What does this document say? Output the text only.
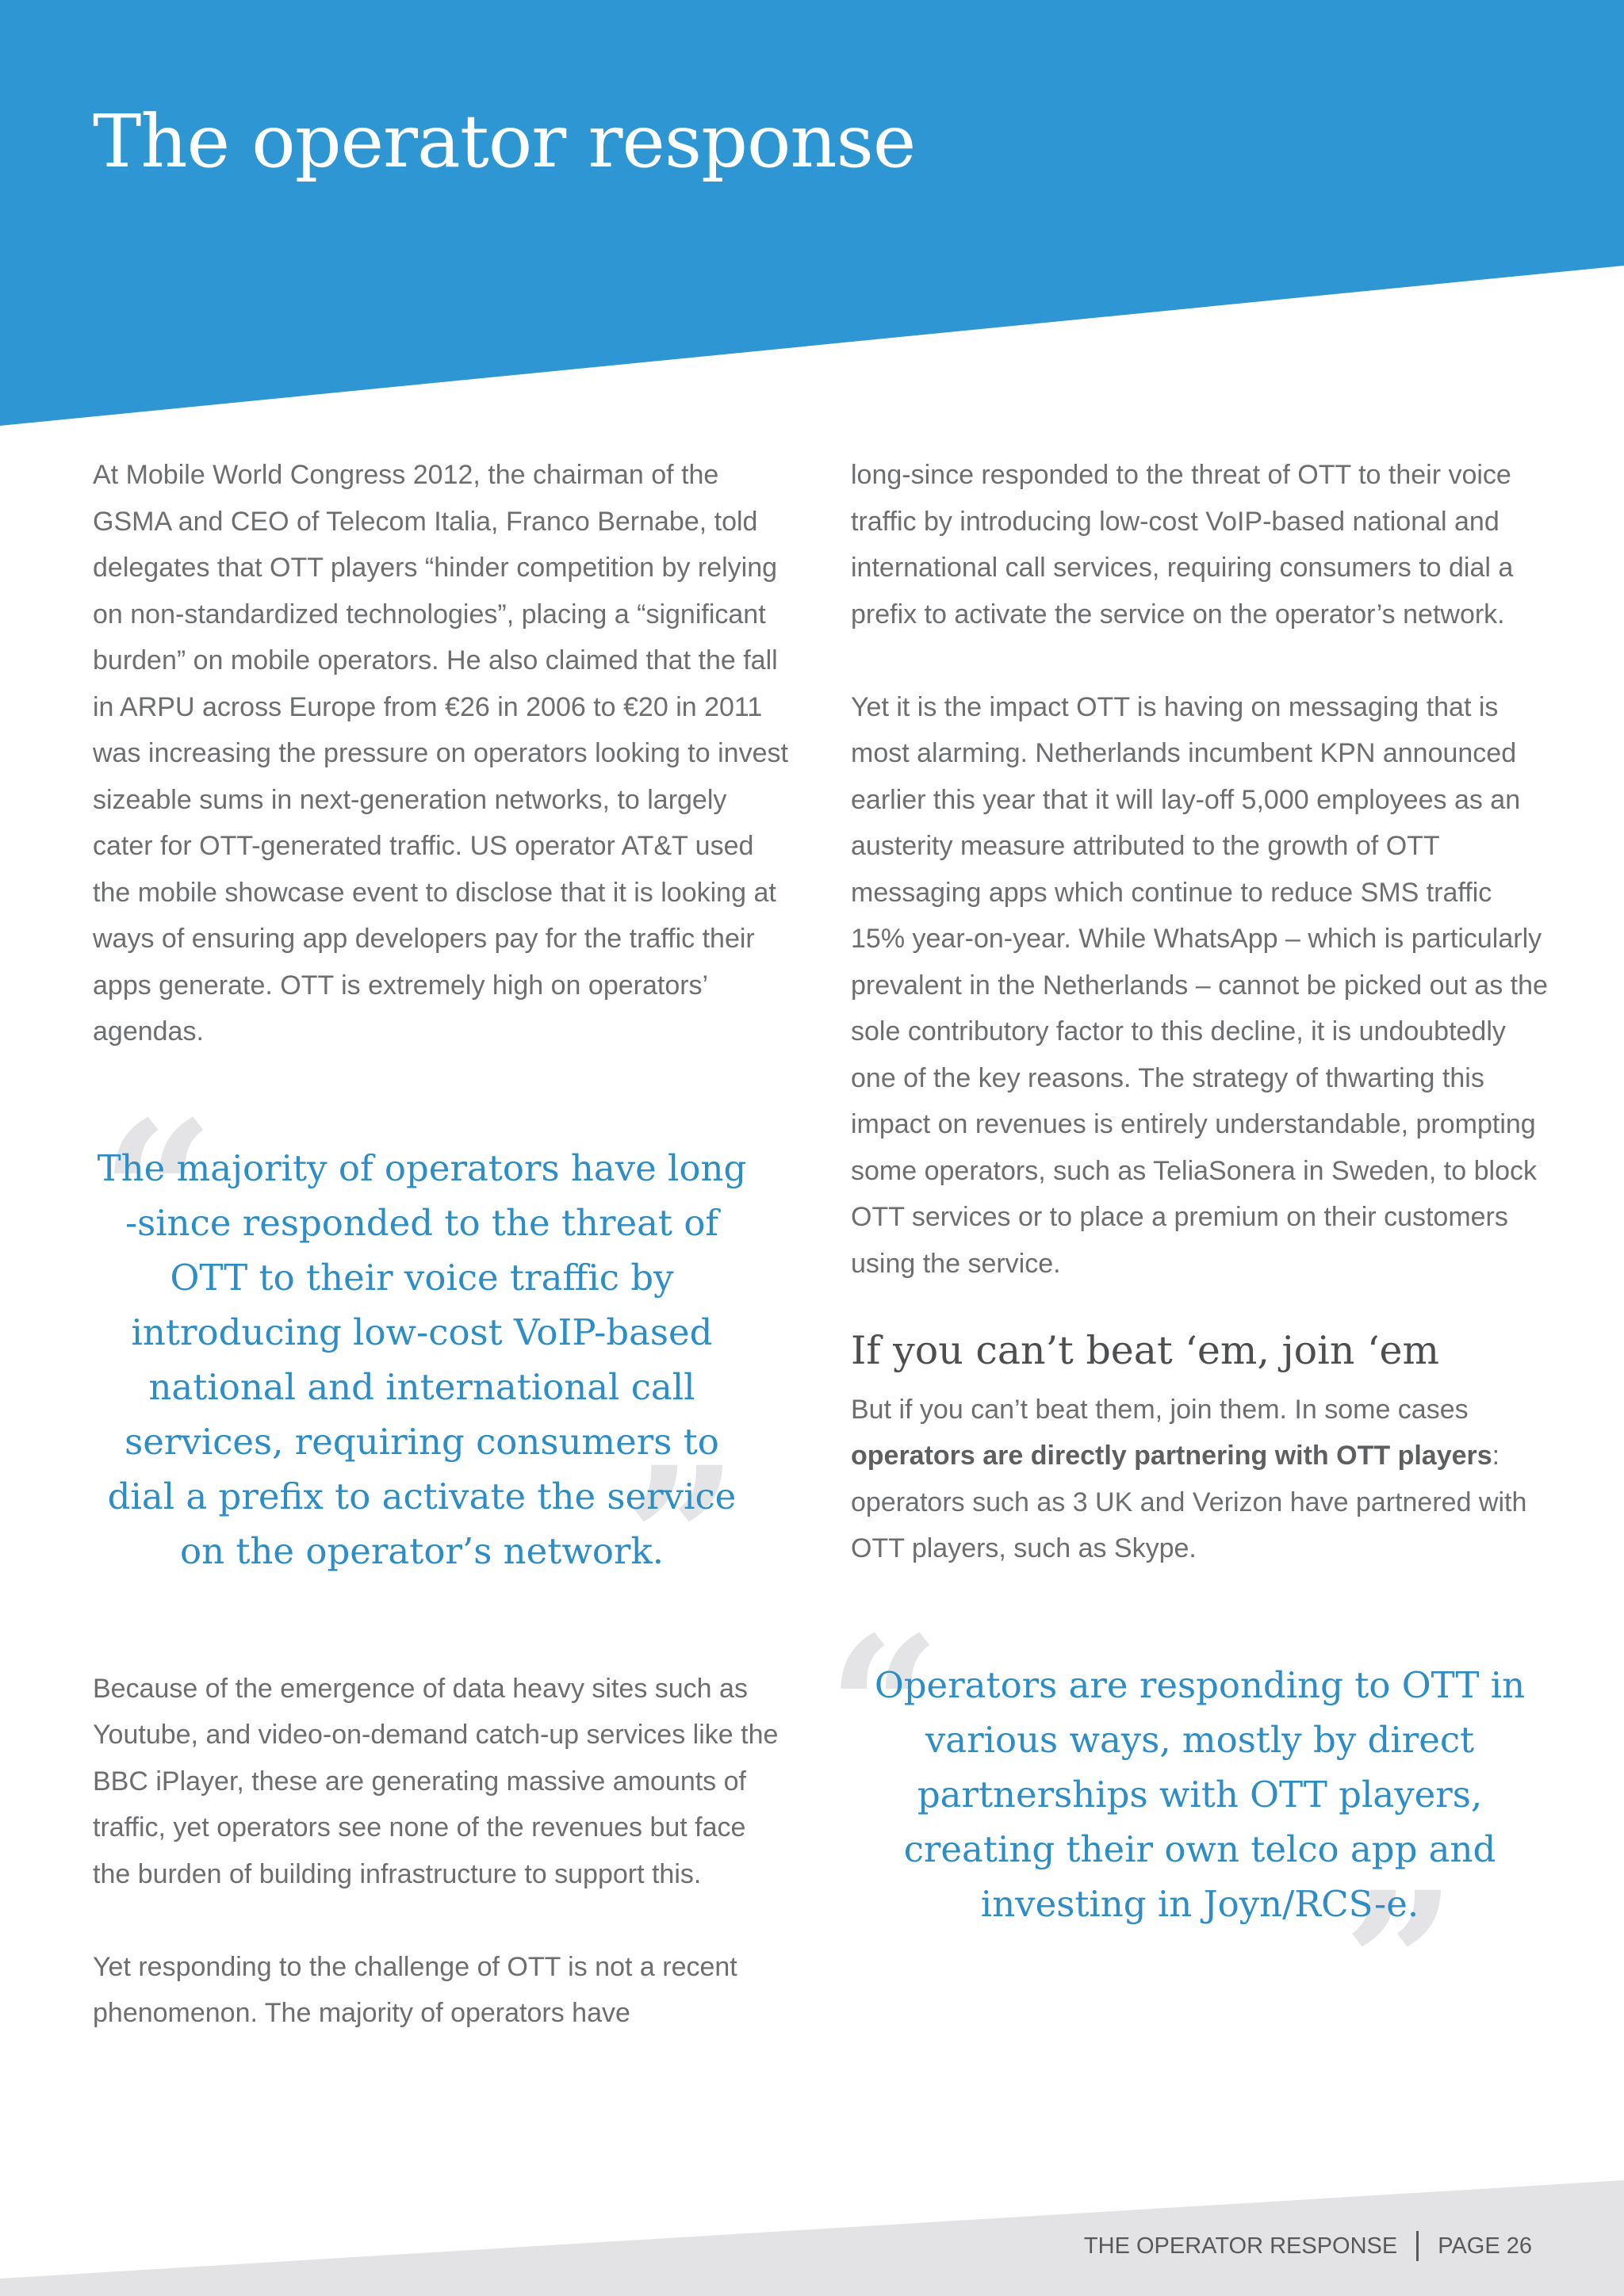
The operator response

At Mobile World Congress 2012, the chairman of the GSMA and CEO of Telecom Italia, Franco Bernabe, told delegates that OTT players “hinder competition by relying on non-standardized technologies”, placing a “significant burden” on mobile operators. He also claimed that the fall in ARPU across Europe from €26 in 2006 to €20 in 2011 was increasing the pressure on operators looking to invest sizeable sums in next-generation networks, to largely cater for OTT-generated traffic. US operator AT&T used the mobile showcase event to disclose that it is looking at ways of ensuring app developers pay for the traffic their apps generate. OTT is extremely high on operators’ agendas.

“

The majority of operators have long -since responded to the threat of OTT to their voice traffic by introducing low-cost VoIP-based national and international call services, requiring consumers to dial a prefix to activate the service on the operator’s network.

”

Because of the emergence of data heavy sites such as Youtube, and video-on-demand catch-up services like the BBC iPlayer, these are generating massive amounts of traffic, yet operators see none of the revenues but face the burden of building infrastructure to support this.

Yet responding to the challenge of OTT is not a recent phenomenon. The majority of operators have

long-since responded to the threat of OTT to their voice traffic by introducing low-cost VoIP-based national and international call services, requiring consumers to dial a prefix to activate the service on the operator’s network.

Yet it is the impact OTT is having on messaging that is most alarming. Netherlands incumbent KPN announced earlier this year that it will lay-off 5,000 employees as an austerity measure attributed to the growth of OTT messaging apps which continue to reduce SMS traffic 15% year-on-year. While WhatsApp – which is particularly prevalent in the Netherlands – cannot be picked out as the sole contributory factor to this decline, it is undoubtedly one of the key reasons. The strategy of thwarting this impact on revenues is entirely understandable, prompting some operators, such as TeliaSonera in Sweden, to block OTT services or to place a premium on their customers using the service.

If you can’t beat ‘em, join ‘em

But if you can’t beat them, join them. In some cases operators are directly partnering with OTT players: operators such as 3 UK and Verizon have partnered with OTT players, such as Skype.

“

Operators are responding to OTT in various ways, mostly by direct partnerships with OTT players, creating their own telco app and investing in Joyn/RCS-e.

”
THE OPERATOR RESPONSE PAGE 26
